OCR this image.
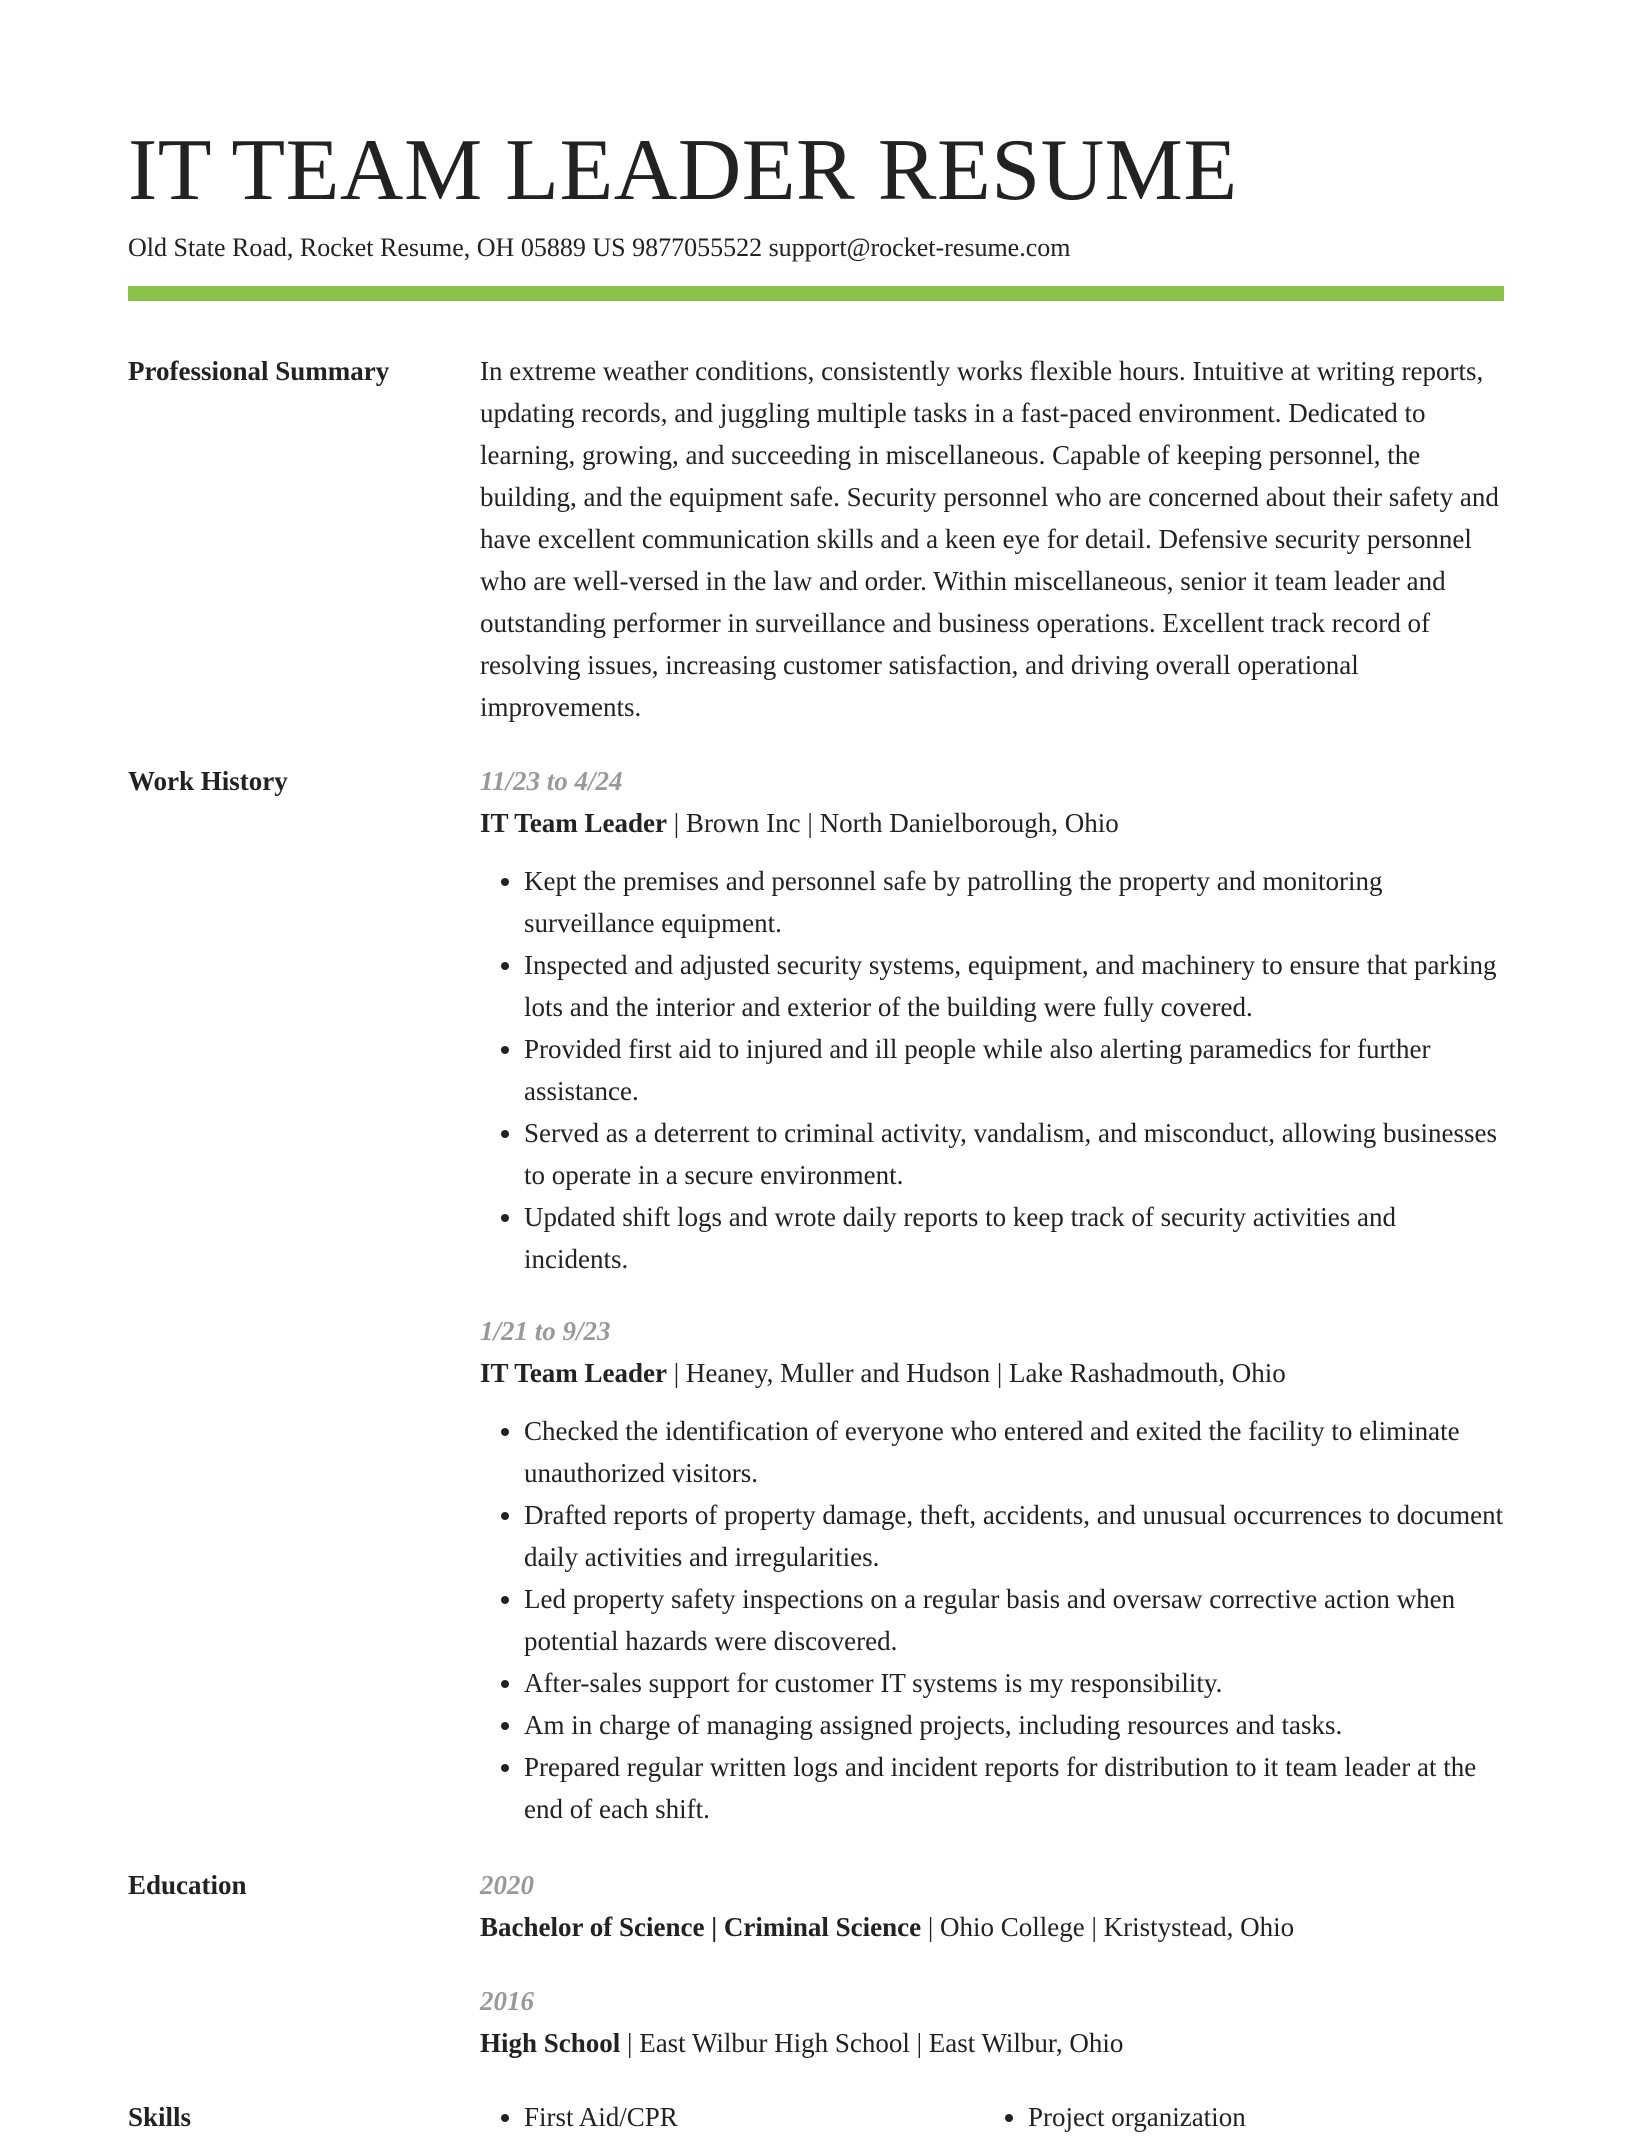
IT TEAM LEADER RESUME
Old State Road, Rocket Resume, OH 05889 US 9877055522 support@rocket-resume.com
Professional Summary	In extreme weather conditions, consistently works flexible hours. Intuitive at writing reports, updating records, and juggling multiple tasks in a fast-paced environment. Dedicated to learning, growing, and succeeding in miscellaneous. Capable of keeping personnel, the building, and the equipment safe. Security personnel who are concerned about their safety and have excellent communication skills and a keen eye for detail. Defensive security personnel who are well-versed in the law and order. Within miscellaneous, senior it team leader and outstanding performer in surveillance and business operations. Excellent track record of resolving issues, increasing customer satisfaction, and driving overall operational improvements.

Work History	11/23 to 4/24
IT Team Leader | Brown Inc | North Danielborough, Ohio
• Kept the premises and personnel safe by patrolling the property and monitoring surveillance equipment.
• Inspected and adjusted security systems, equipment, and machinery to ensure that parking lots and the interior and exterior of the building were fully covered.
• Provided first aid to injured and ill people while also alerting paramedics for further assistance.
• Served as a deterrent to criminal activity, vandalism, and misconduct, allowing businesses to operate in a secure environment.
• Updated shift logs and wrote daily reports to keep track of security activities and incidents.
1/21 to 9/23
IT Team Leader | Heaney, Muller and Hudson | Lake Rashadmouth, Ohio
• Checked the identification of everyone who entered and exited the facility to eliminate unauthorized visitors.
• Drafted reports of property damage, theft, accidents, and unusual occurrences to document daily activities and irregularities.
• Led property safety inspections on a regular basis and oversaw corrective action when potential hazards were discovered.
• After-sales support for customer IT systems is my responsibility.
• Am in charge of managing assigned projects, including resources and tasks.
• Prepared regular written logs and incident reports for distribution to it team leader at the end of each shift.
Education	2020
Bachelor of Science | Criminal Science | Ohio College | Kristystead, Ohio
2016
High School | East Wilbur High School | East Wilbur, Ohio
Skills	• First Aid/CPR	• Project organization
